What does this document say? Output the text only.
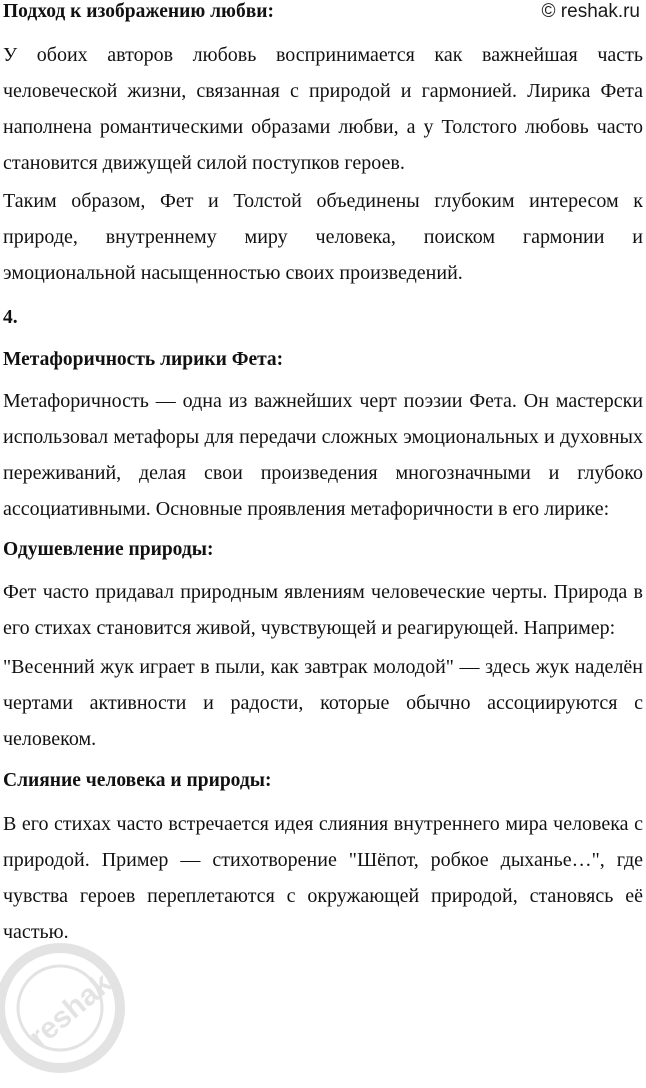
Подход к изображению любви:	© reshak.ru

У обоих авторов любовь воспринимается как важнейшая часть человеческой жизни, связанная с природой и гармонией. Лирика Фета наполнена романтическими образами любви, а у Толстого любовь часто становится движущей силой поступков героев.

Таким образом, Фет и Толстой объединены глубоким интересом к природе, внутреннему миру человека, поиском гармонии и эмоциональной насыщенностью своих произведений.

4.
Метафоричность лирики Фета:

Метафоричность — одна из важнейших черт поэзии Фета. Он мастерски использовал метафоры для передачи сложных эмоциональных и духовных переживаний, делая свои произведения многозначными и глубоко ассоциативными. Основные проявления метафоричности в его лирике:

Одушевление природы:

Фет часто придавал природным явлениям человеческие черты. Природа в его стихах становится живой, чувствующей и реагирующей. Например:

"Весенний жук играет в пыли, как завтрак молодой" — здесь жук наделён чертами активности и радости, которые обычно ассоциируются с человеком.

Слияние человека и природы:

В его стихах часто встречается идея слияния внутреннего мира человека с природой. Пример — стихотворение "Шёпот, робкое дыханье…", где чувства героев переплетаются с окружающей природой, становясь её частью.

reshak
